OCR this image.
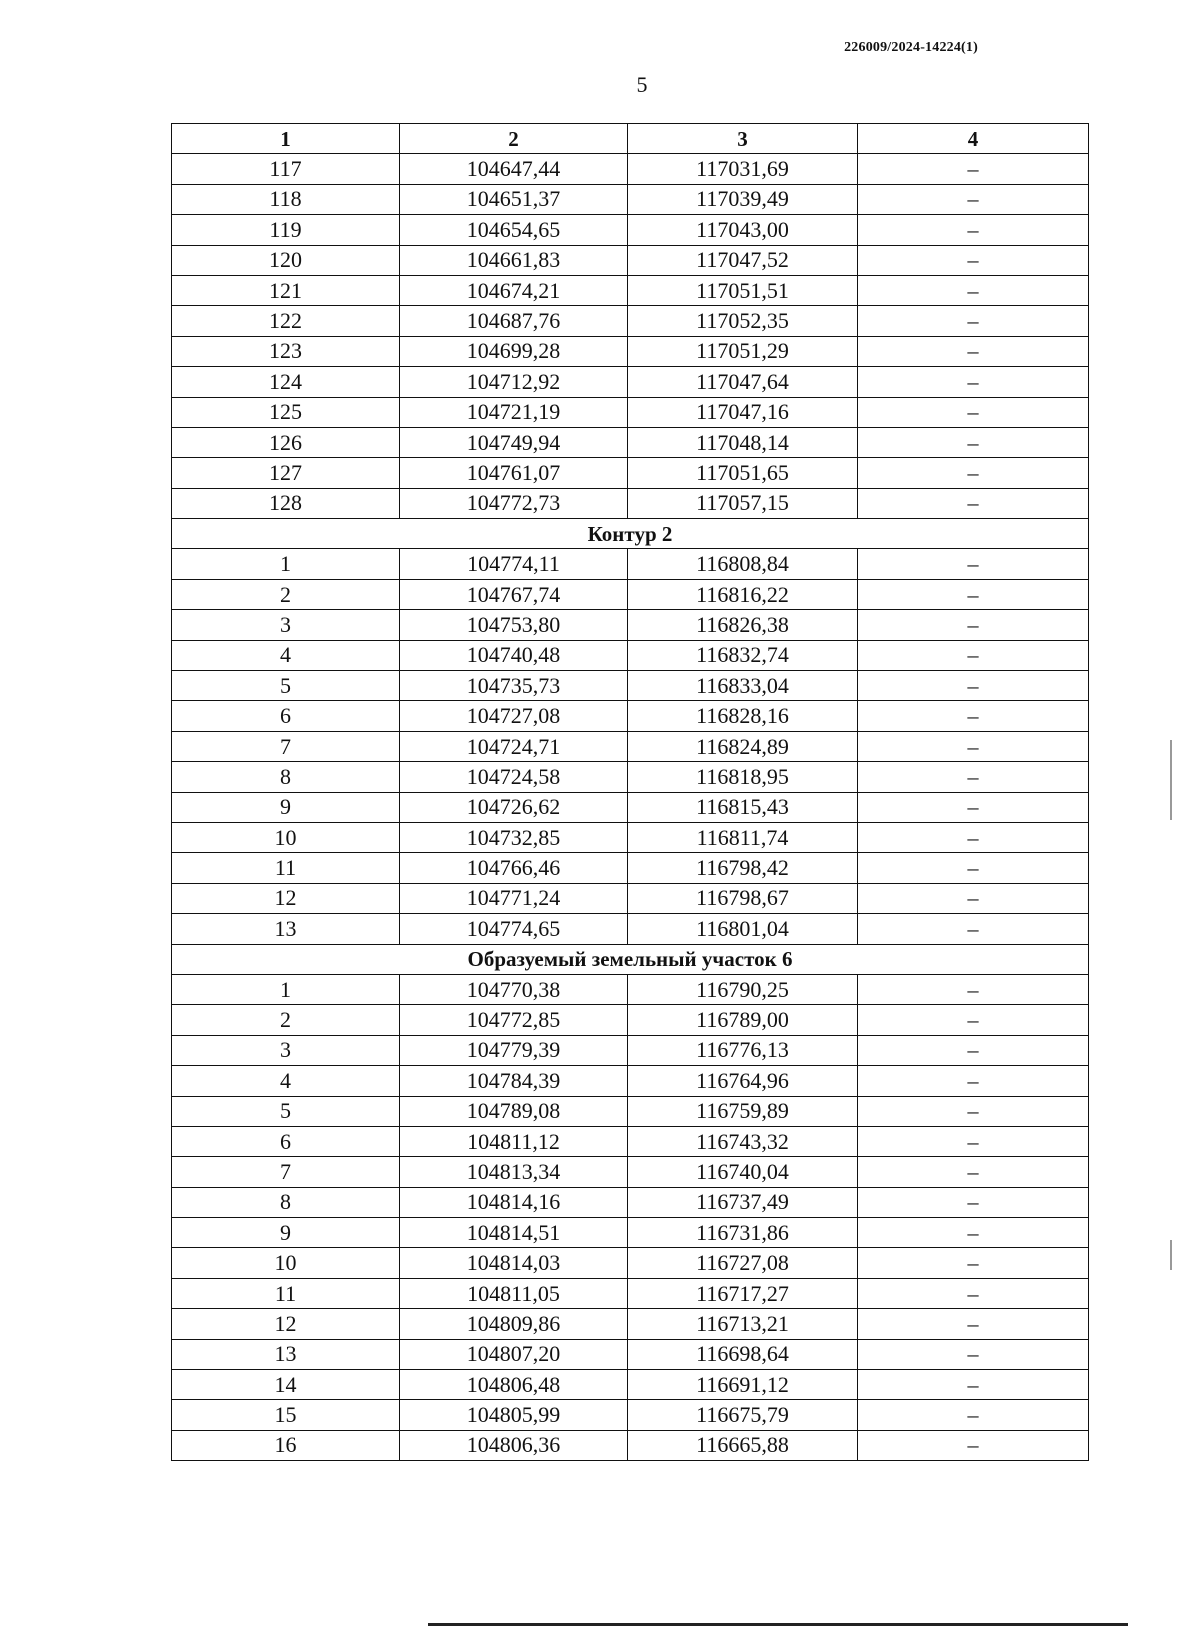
226009/2024-14224(1)
5
1	2	3	4
117	104647,44	117031,69	–
118	104651,37	117039,49	–
119	104654,65	117043,00	–
120	104661,83	117047,52	–
121	104674,21	117051,51	–
122	104687,76	117052,35	–
123	104699,28	117051,29	–
124	104712,92	117047,64	–
125	104721,19	117047,16	–
126	104749,94	117048,14	–
127	104761,07	117051,65	–
128	104772,73	117057,15	–
Контур 2			
1	104774,11	116808,84	–
2	104767,74	116816,22	–
3	104753,80	116826,38	–
4	104740,48	116832,74	–
5	104735,73	116833,04	–
6	104727,08	116828,16	–
7	104724,71	116824,89	–
8	104724,58	116818,95	–
9	104726,62	116815,43	–
10	104732,85	116811,74	–
11	104766,46	116798,42	–
12	104771,24	116798,67	–
13	104774,65	116801,04	–
Образуемый земельный участок 6			
1	104770,38	116790,25	–
2	104772,85	116789,00	–
3	104779,39	116776,13	–
4	104784,39	116764,96	–
5	104789,08	116759,89	–
6	104811,12	116743,32	–
7	104813,34	116740,04	–
8	104814,16	116737,49	–
9	104814,51	116731,86	–
10	104814,03	116727,08	–
11	104811,05	116717,27	–
12	104809,86	116713,21	–
13	104807,20	116698,64	–
14	104806,48	116691,12	–
15	104805,99	116675,79	–
16	104806,36	116665,88	–
